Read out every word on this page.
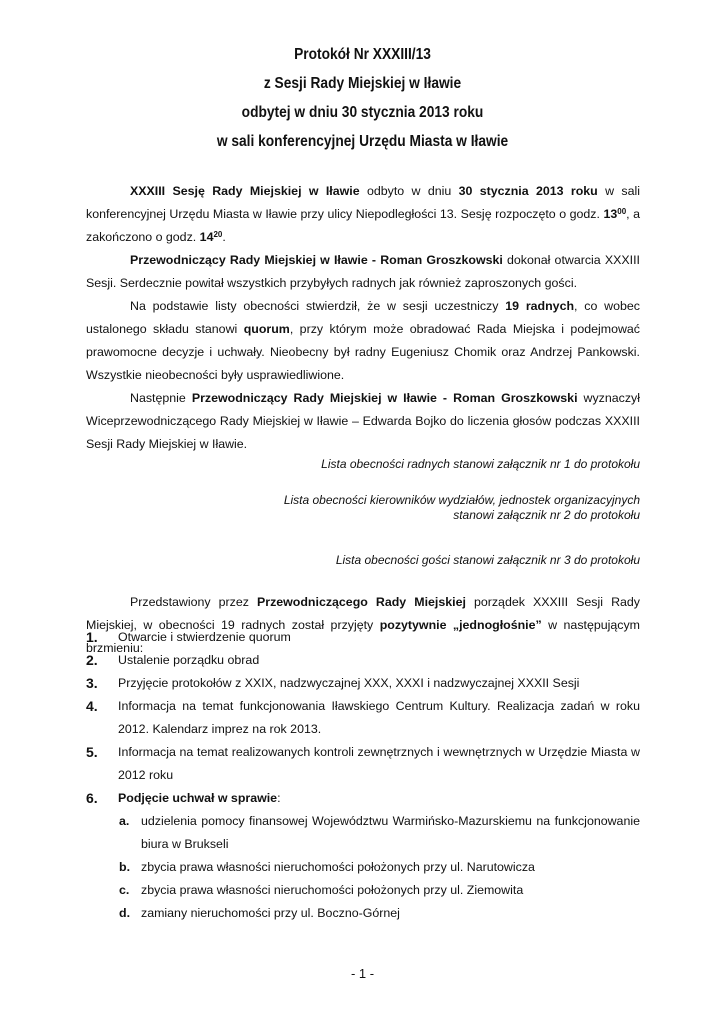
Protokół Nr XXXIII/13
z Sesji Rady Miejskiej w Iławie
odbytej w dniu 30 stycznia 2013 roku
w sali konferencyjnej Urzędu Miasta w Iławie

XXXIII Sesję Rady Miejskiej w Iławie odbyto w dniu 30 stycznia 2013 roku w sali konferencyjnej Urzędu Miasta w Iławie przy ulicy Niepodległości 13. Sesję rozpoczęto o godz. $13^{00}$, a zakończono o godz. $14^{20}$.

Przewodniczący Rady Miejskiej w Iławie - Roman Groszkowski dokonał otwarcia XXXIII Sesji. Serdecznie powitał wszystkich przybyłych radnych jak również zaproszonych gości.

Na podstawie listy obecności stwierdził, że w sesji uczestniczy 19 radnych, co wobec ustalonego składu stanowi quorum, przy którym może obradować Rada Miejska i podejmować prawomocne decyzje i uchwały. Nieobecny był radny Eugeniusz Chomik oraz Andrzej Pankowski. Wszystkie nieobecności były usprawiedliwione.

Następnie Przewodniczący Rady Miejskiej w Iławie - Roman Groszkowski wyznaczył Wiceprzewodniczącego Rady Miejskiej w Iławie – Edwarda Bojko do liczenia głosów podczas XXXIII Sesji Rady Miejskiej w Iławie.

Lista obecności radnych stanowi załącznik nr 1 do protokołu
Lista obecności kierowników wydziałów, jednostek organizacyjnych
stanowi załącznik nr 2 do protokołu
Lista obecności gości stanowi załącznik nr 3 do protokołu

Przedstawiony przez Przewodniczącego Rady Miejskiej porządek XXXIII Sesji Rady Miejskiej, w obecności 19 radnych został przyjęty pozytywnie „jednogłośnie” w następującym brzmieniu:

1. Otwarcie i stwierdzenie quorum
2. Ustalenie porządku obrad
3. Przyjęcie protokołów z XXIX, nadzwyczajnej XXX, XXXI i nadzwyczajnej XXXII Sesji
4. Informacja na temat funkcjonowania Iławskiego Centrum Kultury. Realizacja zadań w roku 2012. Kalendarz imprez na rok 2013.
5. Informacja na temat realizowanych kontroli zewnętrznych i wewnętrznych w Urzędzie Miasta w 2012 roku
6. Podjęcie uchwał w sprawie:
a. udzielenia pomocy finansowej Województwu Warmińsko-Mazurskiemu na funkcjonowanie biura w Brukseli
b. zbycia prawa własności nieruchomości położonych przy ul. Narutowicza
c. zbycia prawa własności nieruchomości położonych przy ul. Ziemowita
d. zamiany nieruchomości przy ul. Boczno-Górnej
- 1 -
